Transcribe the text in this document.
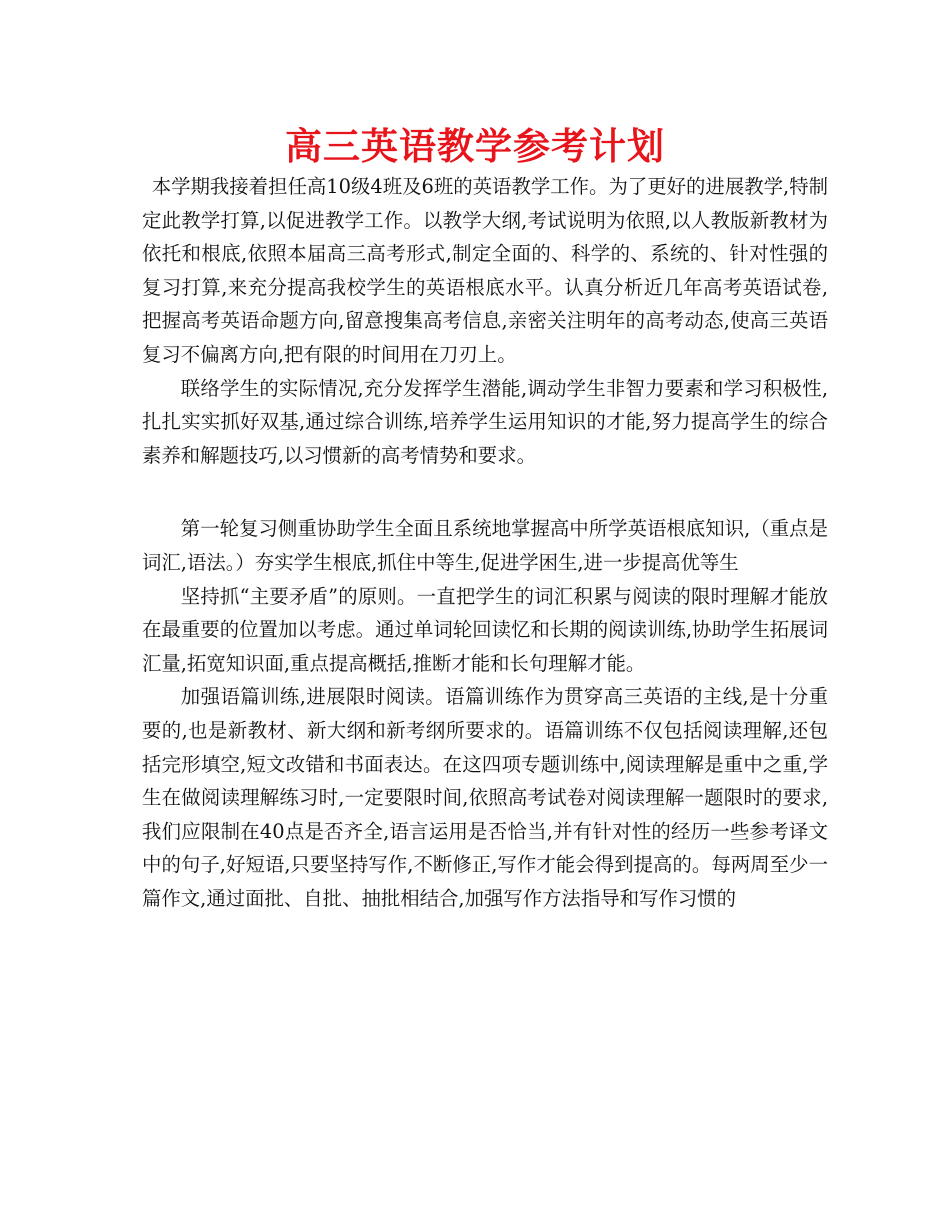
高三英语教学参考计划

本学期我接着担任高10级4班及6班的英语教学工作。为了更好的进展教学,特制定此教学打算,以促进教学工作。以教学大纲,考试说明为依照,以人教版新教材为依托和根底,依照本届高三高考形式,制定全面的、科学的、系统的、针对性强的复习打算,来充分提高我校学生的英语根底水平。认真分析近几年高考英语试卷,把握高考英语命题方向,留意搜集高考信息,亲密关注明年的高考动态,使高三英语复习不偏离方向,把有限的时间用在刀刃上。

联络学生的实际情况,充分发挥学生潜能,调动学生非智力要素和学习积极性,扎扎实实抓好双基,通过综合训练,培养学生运用知识的才能,努力提高学生的综合素养和解题技巧,以习惯新的高考情势和要求。

第一轮复习侧重协助学生全面且系统地掌握高中所学英语根底知识,（重点是词汇,语法。）夯实学生根底,抓住中等生,促进学困生,进一步提高优等生

坚持抓“主要矛盾”的原则。一直把学生的词汇积累与阅读的限时理解才能放在最重要的位置加以考虑。通过单词轮回读忆和长期的阅读训练,协助学生拓展词汇量,拓宽知识面,重点提高概括,推断才能和长句理解才能。

加强语篇训练,进展限时阅读。语篇训练作为贯穿高三英语的主线,是十分重要的,也是新教材、新大纲和新考纲所要求的。语篇训练不仅包括阅读理解,还包括完形填空,短文改错和书面表达。在这四项专题训练中,阅读理解是重中之重,学生在做阅读理解练习时,一定要限时间,依照高考试卷对阅读理解一题限时的要求,我们应限制在40点是否齐全,语言运用是否恰当,并有针对性的经历一些参考译文中的句子,好短语,只要坚持写作,不断修正,写作才能会得到提高的。每两周至少一篇作文,通过面批、自批、抽批相结合,加强写作方法指导和写作习惯的
